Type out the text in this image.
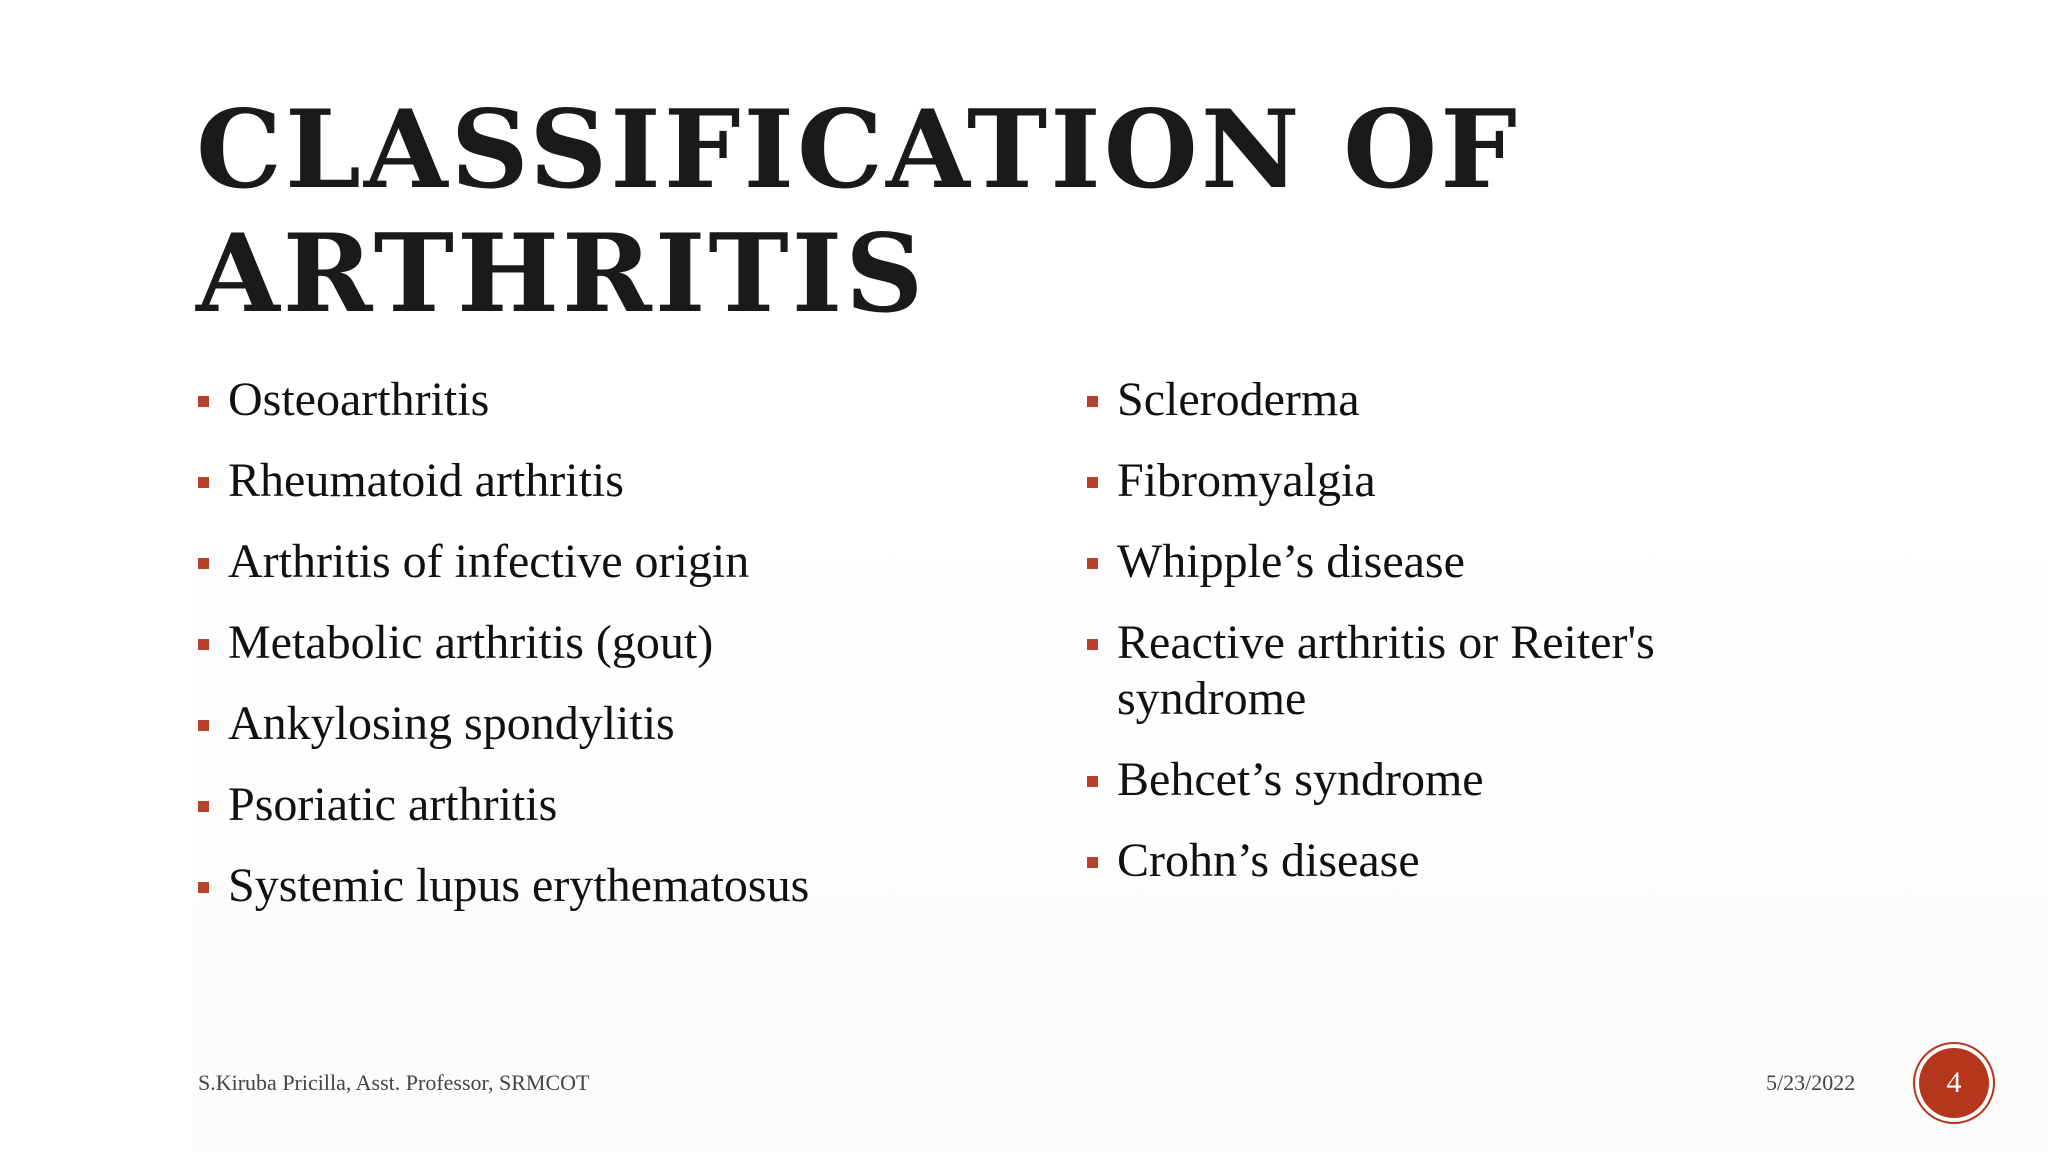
CLASSIFICATION OF
ARTHRITIS
Osteoarthritis
Rheumatoid arthritis
Arthritis of infective origin
Metabolic arthritis (gout)
Ankylosing spondylitis
Psoriatic arthritis
Systemic lupus erythematosus
Scleroderma
Fibromyalgia
Whipple’s disease
Reactive arthritis or Reiter's syndrome
Behcet’s syndrome
Crohn’s disease
S.Kiruba Pricilla, Asst. Professor, SRMCOT	5/23/2022	4
